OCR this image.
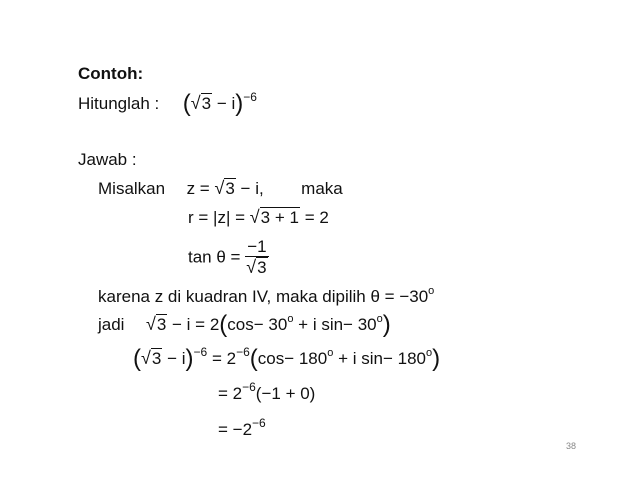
Contoh:
Hitunglah : $(√3 - i)^{-6}$
Jawab :
Misalkan z = √3 − i, maka
r = |z| = √3 + 1 = 2
$\tan \theta = \frac{-1}{√3}$
karena z di kuadran IV, maka dipilih $\theta = -30^o$
jadi $√3 - i = 2(\cos- 30^o + i$ $\sin- 30^o$)
$(√3 - i)^{-6} = 2^{-6}(\cos- 180^o + i$ $\sin- 180^o$)
= $2^{-6}(-1 + 0)$
= $-2^{-6}$
38
